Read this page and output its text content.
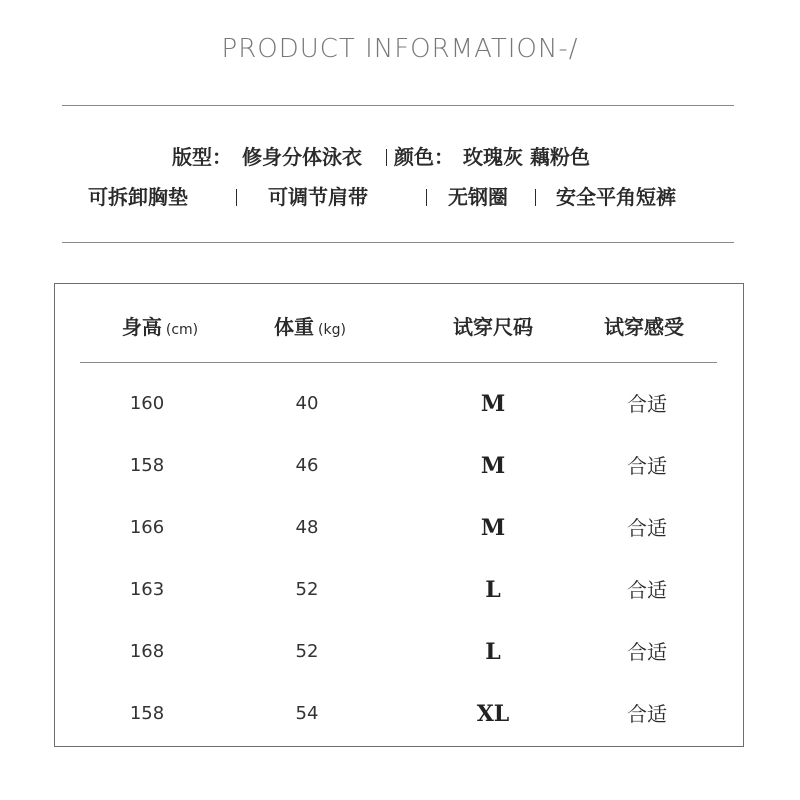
PRODUCT INFORMATION-/
版型： 修身分体泳衣 颜色： 玫瑰灰 藕粉色
可拆卸胸垫	可调节肩带	无钢圈 安全平角短裤
身高 (cm)	体重 (kg)	试穿尺码	试穿感受
160	40	M	合适
158	46	M	合适
166	48	M	合适
163	52	L	合适
168	52	L	合适
158	54	XL	合适
